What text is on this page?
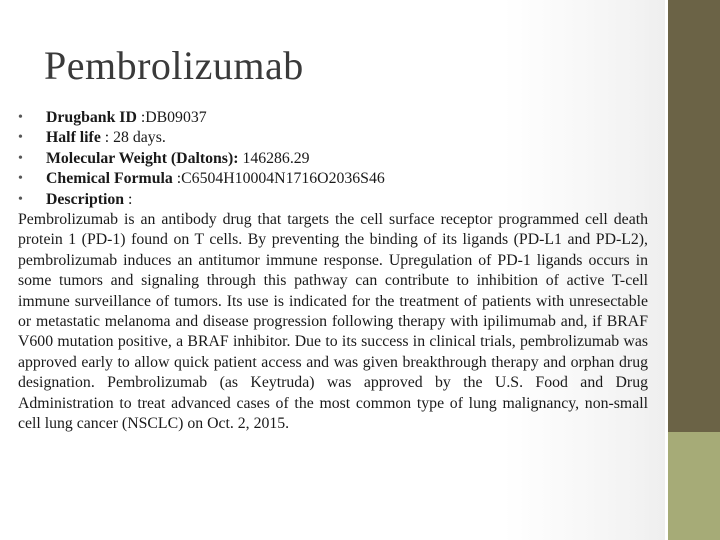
Pembrolizumab
• Drugbank ID :DB09037
• Half life : 28 days.
• Molecular Weight (Daltons): 146286.29
• Chemical Formula :C6504H10004N1716O2036S46
• Description :
Pembrolizumab is an antibody drug that targets the cell surface receptor programmed cell death protein 1 (PD-1) found on T cells. By preventing the binding of its ligands (PD-L1 and PD-L2), pembrolizumab induces an antitumor immune response. Upregulation of PD-1 ligands occurs in some tumors and signaling through this pathway can contribute to inhibition of active T-cell immune surveillance of tumors. Its use is indicated for the treatment of patients with unresectable or metastatic melanoma and disease progression following therapy with ipilimumab and, if BRAF V600 mutation positive, a BRAF inhibitor. Due to its success in clinical trials, pembrolizumab was approved early to allow quick patient access and was given breakthrough therapy and orphan drug designation. Pembrolizumab (as Keytruda) was approved by the U.S. Food and Drug Administration to treat advanced cases of the most common type of lung malignancy, non-small cell lung cancer (NSCLC) on Oct. 2, 2015.
